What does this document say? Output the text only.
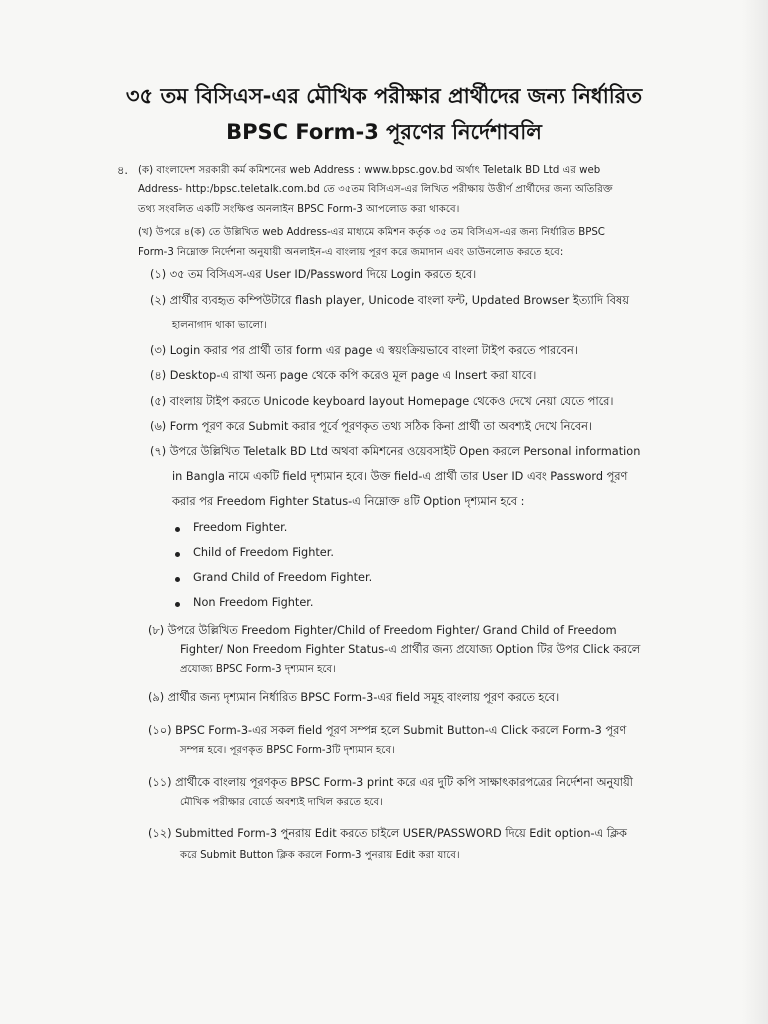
৩৫ তম বিসিএস-এর মৌখিক পরীক্ষার প্রার্থীদের জন্য নির্ধারিত
BPSC Form-3 পূরণের নির্দেশাবলি
৪. (ক) বাংলাদেশ সরকারী কর্ম কমিশনের web Address : www.bpsc.gov.bd অর্থাৎ Teletalk BD Ltd এর web
Address- http:/bpsc.teletalk.com.bd তে ৩৫তম বিসিএস-এর লিখিত পরীক্ষায় উত্তীর্ণ প্রার্থীদের জন্য অতিরিক্ত
তথ্য সংবলিত একটি সংক্ষিপ্ত অনলাইন BPSC Form-3 আপলোড করা থাকবে।
(খ) উপরে ৪(ক) তে উল্লিখিত web Address-এর মাধ্যমে কমিশন কর্তৃক ৩৫ তম বিসিএস-এর জন্য নির্ধারিত BPSC
Form-3 নিম্নোক্ত নির্দেশনা অনুযায়ী অনলাইন-এ বাংলায় পূরণ করে জমাদান এবং ডাউনলোড করতে হবে:
(১) ৩৫ তম বিসিএস-এর User ID/Password দিয়ে Login করতে হবে।
(২) প্রার্থীর ব্যবহৃত কম্পিউটারে flash player, Unicode বাংলা ফন্ট, Updated Browser ইত্যাদি বিষয়
হালনাগাদ থাকা ভালো।
(৩) Login করার পর প্রার্থী তার form এর page এ স্বয়ংক্রিয়ভাবে বাংলা টাইপ করতে পারবেন।
(৪) Desktop-এ রাখা অন্য page থেকে কপি করেও মূল page এ Insert করা যাবে।
(৫) বাংলায় টাইপ করতে Unicode keyboard layout Homepage থেকেও দেখে নেয়া যেতে পারে।
(৬) Form পূরণ করে Submit করার পূর্বে পূরণকৃত তথ্য সঠিক কিনা প্রার্থী তা অবশ্যই দেখে নিবেন।
(৭) উপরে উল্লিখিত Teletalk BD Ltd অথবা কমিশনের ওয়েবসাইট Open করলে Personal information
in Bangla নামে একটি field দৃশ্যমান হবে। উক্ত field-এ প্রার্থী তার User ID এবং Password পূরণ
করার পর Freedom Fighter Status-এ নিম্নোক্ত ৪টি Option দৃশ্যমান হবে :
Freedom Fighter.
Child of Freedom Fighter.
Grand Child of Freedom Fighter.
Non Freedom Fighter.
(৮) উপরে উল্লিখিত Freedom Fighter/Child of Freedom Fighter/ Grand Child of Freedom
Fighter/ Non Freedom Fighter Status-এ প্রার্থীর জন্য প্রযোজ্য Option টির উপর Click করলে
প্রযোজ্য BPSC Form-3 দৃশ্যমান হবে।
(৯) প্রার্থীর জন্য দৃশ্যমান নির্ধারিত BPSC Form-3-এর field সমূহ বাংলায় পূরণ করতে হবে।
(১০) BPSC Form-3-এর সকল field পূরণ সম্পন্ন হলে Submit Button-এ Click করলে Form-3 পূরণ
সম্পন্ন হবে। পূরণকৃত BPSC Form-3টি দৃশ্যমান হবে।
(১১) প্রার্থীকে বাংলায় পূরণকৃত BPSC Form-3 print করে এর দুটি কপি সাক্ষাৎকারপত্রের নির্দেশনা অনুযায়ী
মৌখিক পরীক্ষার বোর্ডে অবশ্যই দাখিল করতে হবে।
(১২) Submitted Form-3 পুনরায় Edit করতে চাইলে USER/PASSWORD দিয়ে Edit option-এ ক্লিক
করে Submit Button ক্লিক করলে Form-3 পুনরায় Edit করা যাবে।
